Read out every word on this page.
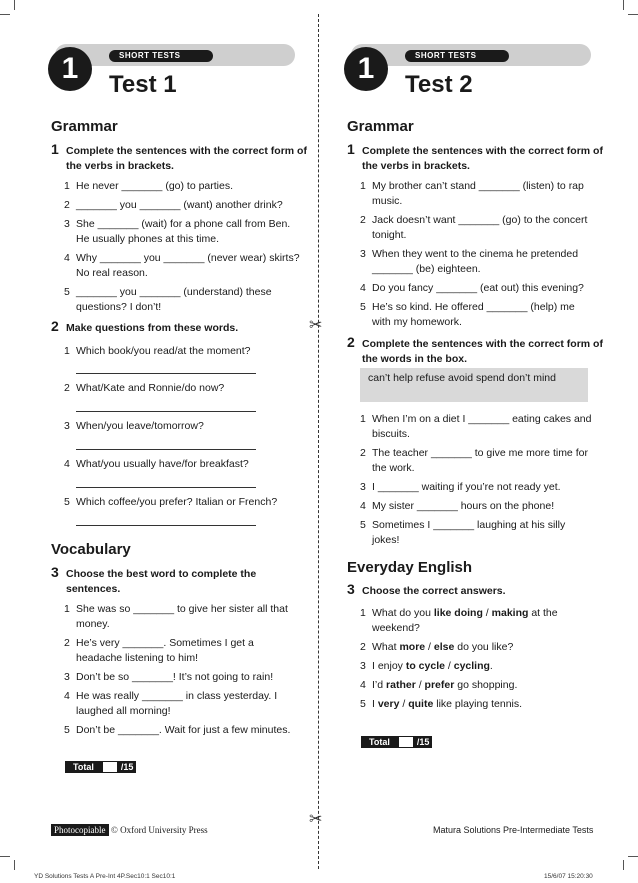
✂
✂
SHORT TESTS
1	Test 1
Grammar
1 Complete the sentences with the correct form of the verbs in brackets.
1 He never _______ (go) to parties.
2 _______ you _______ (want) another drink?
3 She _______ (wait) for a phone call from Ben. He usually phones at this time.
4 Why _______ you _______ (never wear) skirts? No real reason.
5 _______ you _______ (understand) these questions? I don’t!
2 Make questions from these words.
1 Which book/you read/at the moment?
2 What/Kate and Ronnie/do now?
3 When/you leave/tomorrow?
4 What/you usually have/for breakfast?
5 Which coffee/you prefer? Italian or French?
Vocabulary
3 Choose the best word to complete the sentences.
1 She was so _______ to give her sister all that money.
2 He’s very _______. Sometimes I get a headache listening to him!
3 Don’t be so _______! It’s not going to rain!
4 He was really _______ in class yesterday. I laughed all morning!
5 Don’t be _______. Wait for just a few minutes.
Total	/15
SHORT TESTS
1	Test 2
Grammar
1 Complete the sentences with the correct form of the verbs in brackets.
1 My brother can’t stand _______ (listen) to rap music.
2 Jack doesn’t want _______ (go) to the concert tonight.
3 When they went to the cinema he pretended _______ (be) eighteen.
4 Do you fancy _______ (eat out) this evening?
5 He’s so kind. He offered _______ (help) me with my homework.
2 Complete the sentences with the correct form of the words in the box.
can’t help refuse avoid spend don’t mind
1 When I’m on a diet I _______ eating cakes and biscuits.
2 The teacher _______ to give me more time for the work.
3 I _______ waiting if you’re not ready yet.
4 My sister _______ hours on the phone!
5 Sometimes I _______ laughing at his silly jokes!
Everyday English
3 Choose the correct answers.
1 What do you like doing / making at the weekend?
2 What more / else do you like?
3 I enjoy to cycle / cycling.
4 I’d rather / prefer go shopping.
5 I very / quite like playing tennis.
Total	/15
Photocopiable © Oxford University Press	Matura Solutions Pre-Intermediate Tests
YD Solutions Tests A Pre-Int 4P.Sec10:1 Sec10:1	15/6/07 15:20:30
